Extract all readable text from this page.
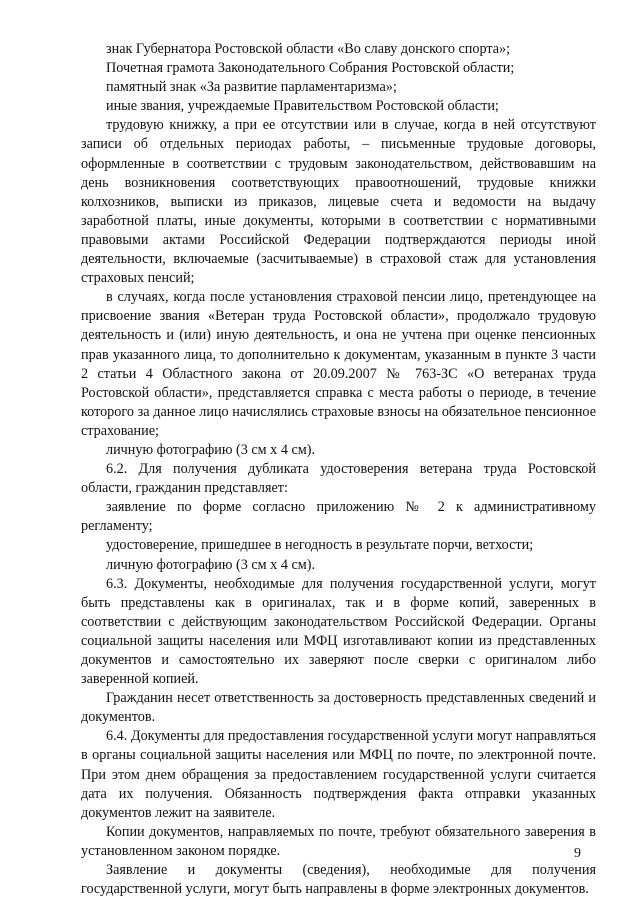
знак Губернатора Ростовской области «Во славу донского спорта»;

Почетная грамота Законодательного Собрания Ростовской области;

памятный знак «За развитие парламентаризма»;

иные звания, учреждаемые Правительством Ростовской области;

трудовую книжку, а при ее отсутствии или в случае, когда в ней отсутствуют записи об отдельных периодах работы, – письменные трудовые договоры, оформленные в соответствии с трудовым законодательством, действовавшим на день возникновения соответствующих правоотношений, трудовые книжки колхозников, выписки из приказов, лицевые счета и ведомости на выдачу заработной платы, иные документы, которыми в соответствии с нормативными правовыми актами Российской Федерации подтверждаются периоды иной деятельности, включаемые (засчитываемые) в страховой стаж для установления страховых пенсий;

в случаях, когда после установления страховой пенсии лицо, претендующее на присвоение звания «Ветеран труда Ростовской области», продолжало трудовую деятельность и (или) иную деятельность, и она не учтена при оценке пенсионных прав указанного лица, то дополнительно к документам, указанным в пункте 3 части 2 статьи 4 Областного закона от 20.09.2007 № 763-ЗС «О ветеранах труда Ростовской области», представляется справка с места работы о периоде, в течение которого за данное лицо начислялись страховые взносы на обязательное пенсионное страхование;

личную фотографию (3 см x 4 см).

6.2. Для получения дубликата удостоверения ветерана труда Ростовской области, гражданин представляет:

заявление по форме согласно приложению № 2 к административному регламенту;

удостоверение, пришедшее в негодность в результате порчи, ветхости;

личную фотографию (3 см x 4 см).

6.3. Документы, необходимые для получения государственной услуги, могут быть представлены как в оригиналах, так и в форме копий, заверенных в соответствии с действующим законодательством Российской Федерации. Органы социальной защиты населения или МФЦ изготавливают копии из представленных документов и самостоятельно их заверяют после сверки с оригиналом либо заверенной копией.

Гражданин несет ответственность за достоверность представленных сведений и документов.

6.4. Документы для предоставления государственной услуги могут направляться в органы социальной защиты населения или МФЦ по почте, по электронной почте. При этом днем обращения за предоставлением государственной услуги считается дата их получения. Обязанность подтверждения факта отправки указанных документов лежит на заявителе.

Копии документов, направляемых по почте, требуют обязательного заверения в установленном законом порядке.

Заявление и документы (сведения), необходимые для получения государственной услуги, могут быть направлены в форме электронных документов.

9
